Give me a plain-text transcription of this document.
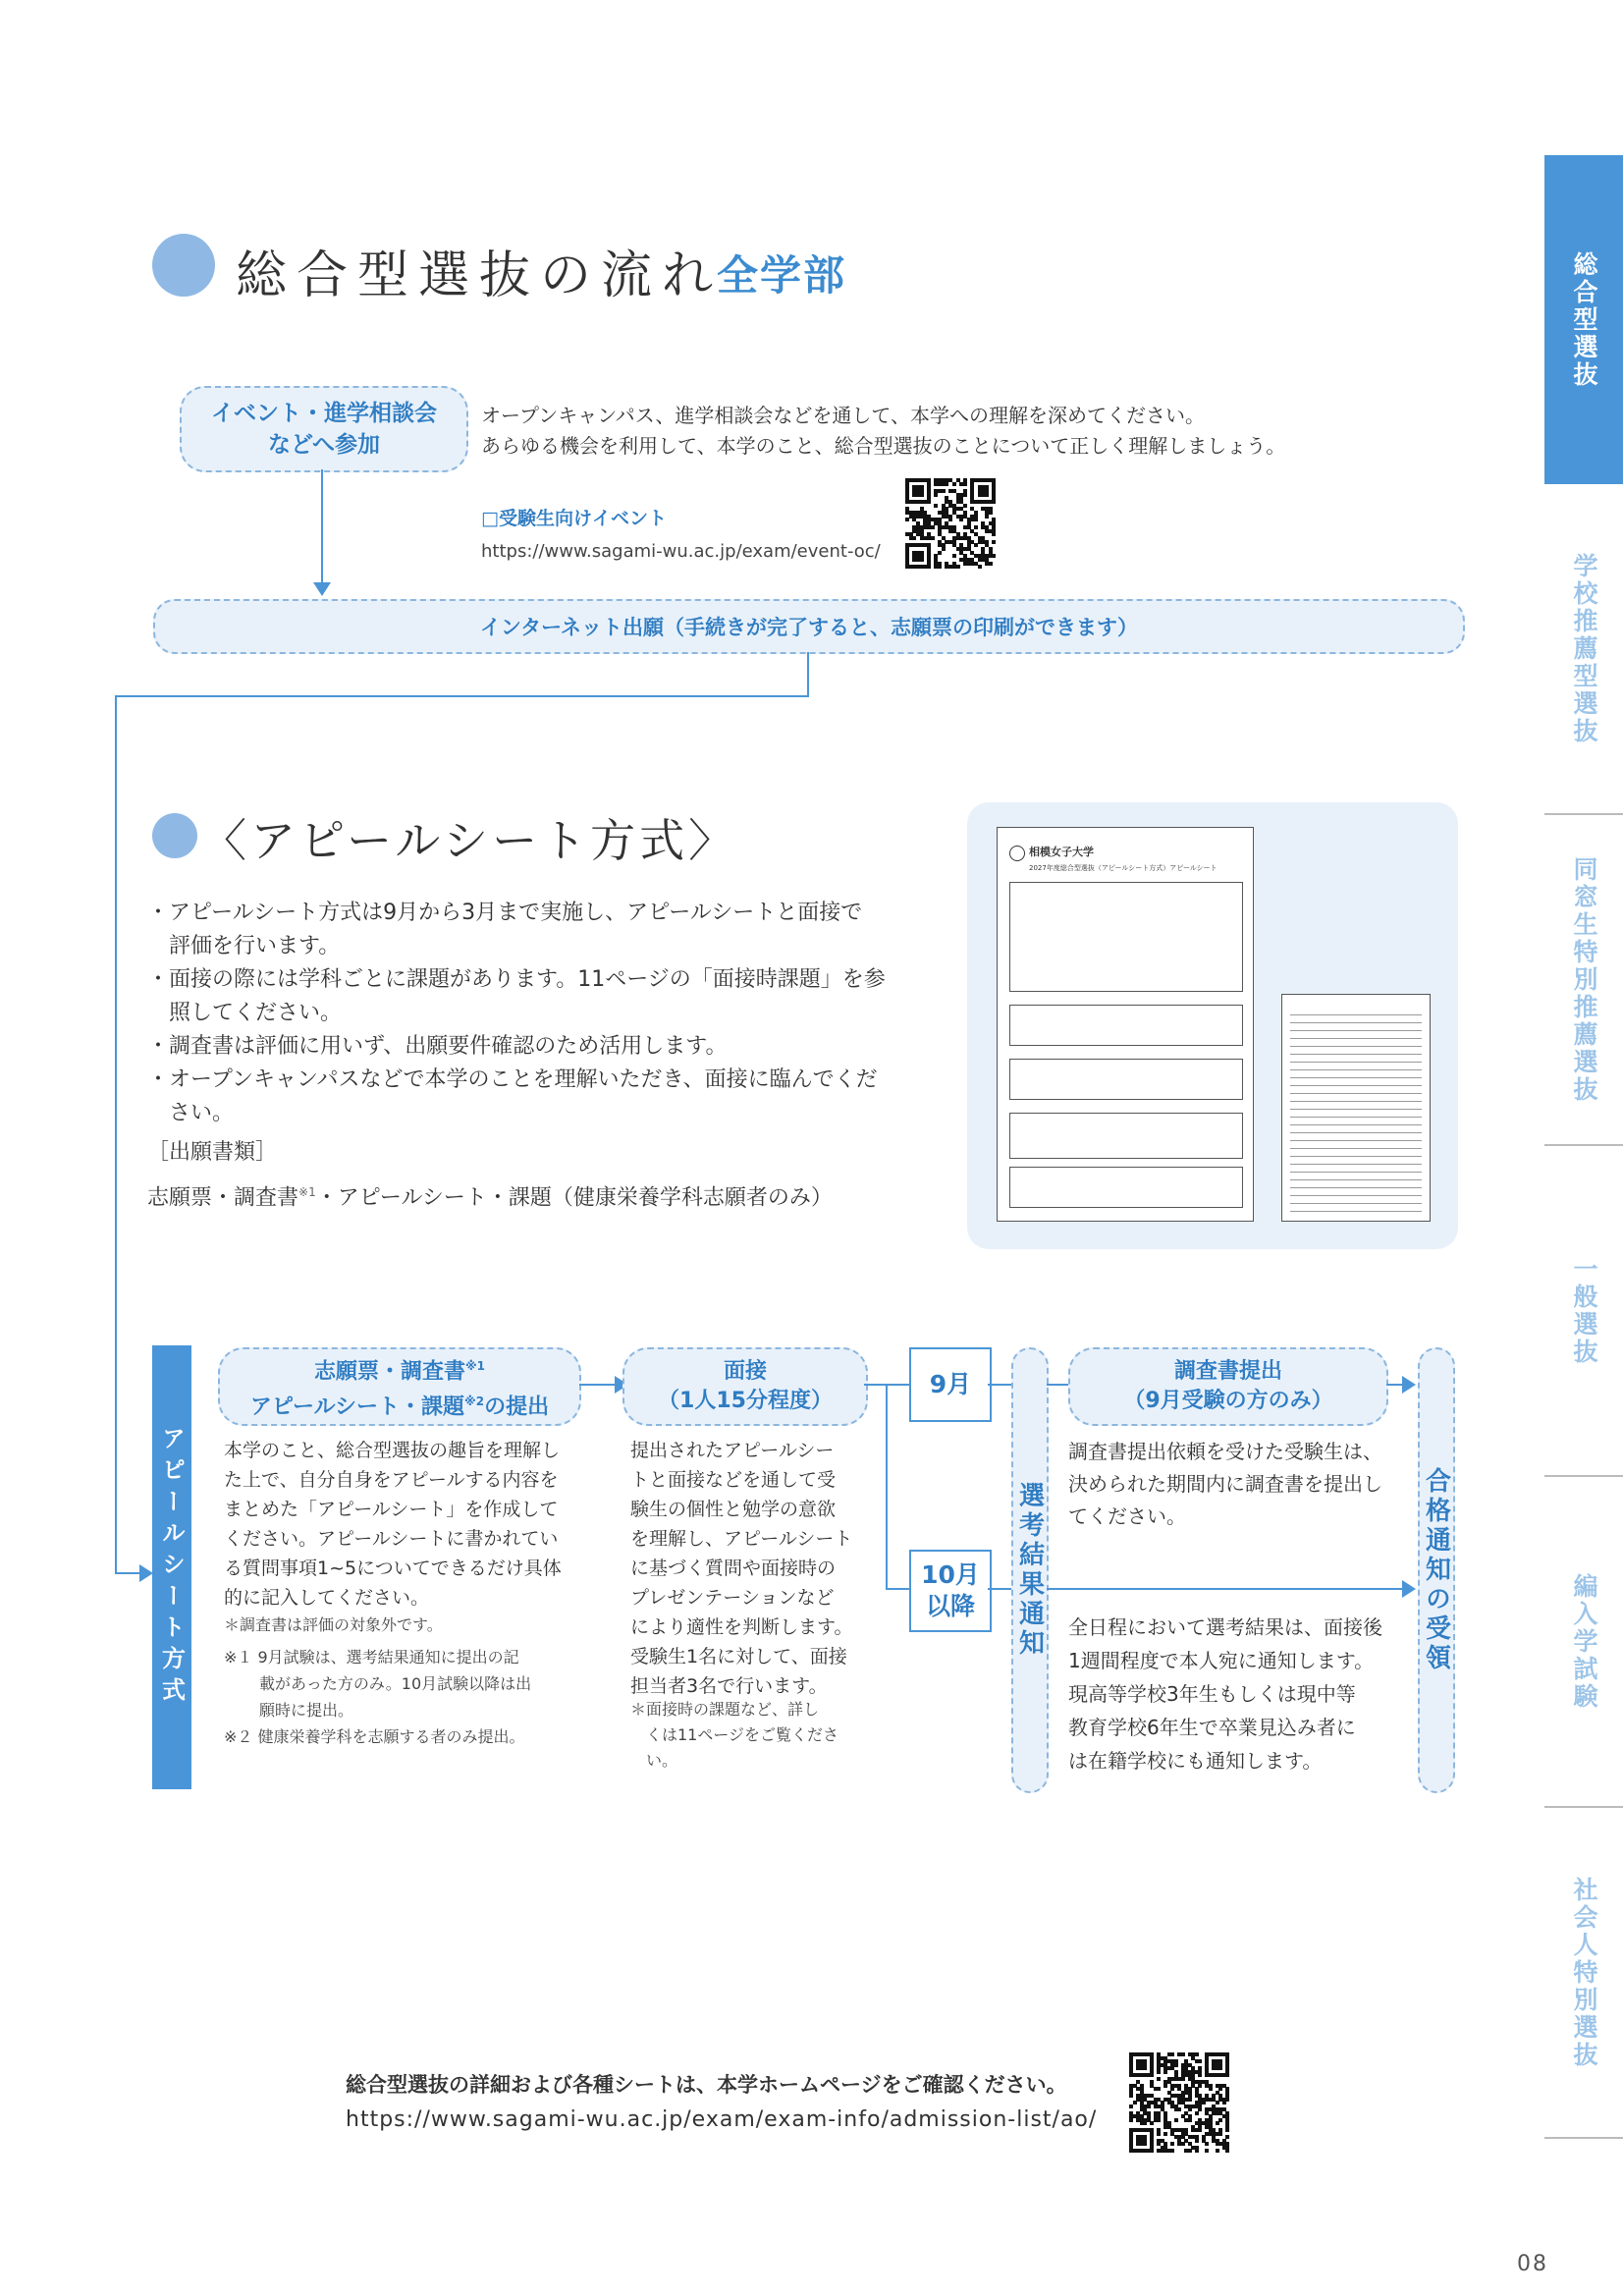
総合型選抜の流れ
全学部
イベント・進学相談会
などへ参加
オープンキャンパス、進学相談会などを通して、本学への理解を深めてください。
あらゆる機会を利用して、本学のこと、総合型選抜のことについて正しく理解しましょう。
□受験生向けイベント
https://www.sagami-wu.ac.jp/exam/event-oc/
インターネット出願（手続きが完了すると、志願票の印刷ができます）
〈アピールシート方式〉
・アピールシート方式は9月から3月まで実施し、アピールシートと面接で
　評価を行います。
・面接の際には学科ごとに課題があります。11ページの「面接時課題」を参
　照してください。
・調査書は評価に用いず、出願要件確認のため活用します。
・オープンキャンパスなどで本学のことを理解いただき、面接に臨んでくだ
　さい。
［出願書類］
志願票・調査書$^{※1}$・アピールシート・課題（健康栄養学科志願者のみ）
相模女子大学
2027年度総合型選抜（アピールシート方式）アピールシート
アピールシート方式
志願票・調査書$^{※1}$
アピールシート・課題$^{※2}$の提出
本学のこと、総合型選抜の趣旨を理解し
た上で、自分自身をアピールする内容を
まとめた「アピールシート」を作成して
ください。アピールシートに書かれてい
る質問事項1~5についてできるだけ具体
的に記入してください。
＊調査書は評価の対象外です。
※１ 9月試験は、選考結果通知に提出の記
載があった方のみ。10月試験以降は出
願時に提出。
※２ 健康栄養学科を志願する者のみ提出。
面接
（1人15分程度）
提出されたアピールシー
トと面接などを通して受
験生の個性と勉学の意欲
を理解し、アピールシート
に基づく質問や面接時の
プレゼンテーションなど
により適性を判断します。
受験生1名に対して、面接
担当者3名で行います。
＊面接時の課題など、詳し
　くは11ページをご覧くださ
　い。
9月
10月
以降 選考結果通知
調査書提出
（9月受験の方のみ）
調査書提出依頼を受けた受験生は、
決められた期間内に調査書を提出し
てください。
全日程において選考結果は、面接後
1週間程度で本人宛に通知します。
現高等学校3年生もしくは現中等
教育学校6年生で卒業見込み者に
は在籍学校にも通知します。
合格通知の受領
総合型選抜の詳細および各種シートは、本学ホームページをご確認ください。
https://www.sagami-wu.ac.jp/exam/exam-info/admission-list/ao/
08
総合型選抜
学校推薦型選抜
同窓生特別推薦選抜
一般選抜
編入学試験
社会人特別選抜
